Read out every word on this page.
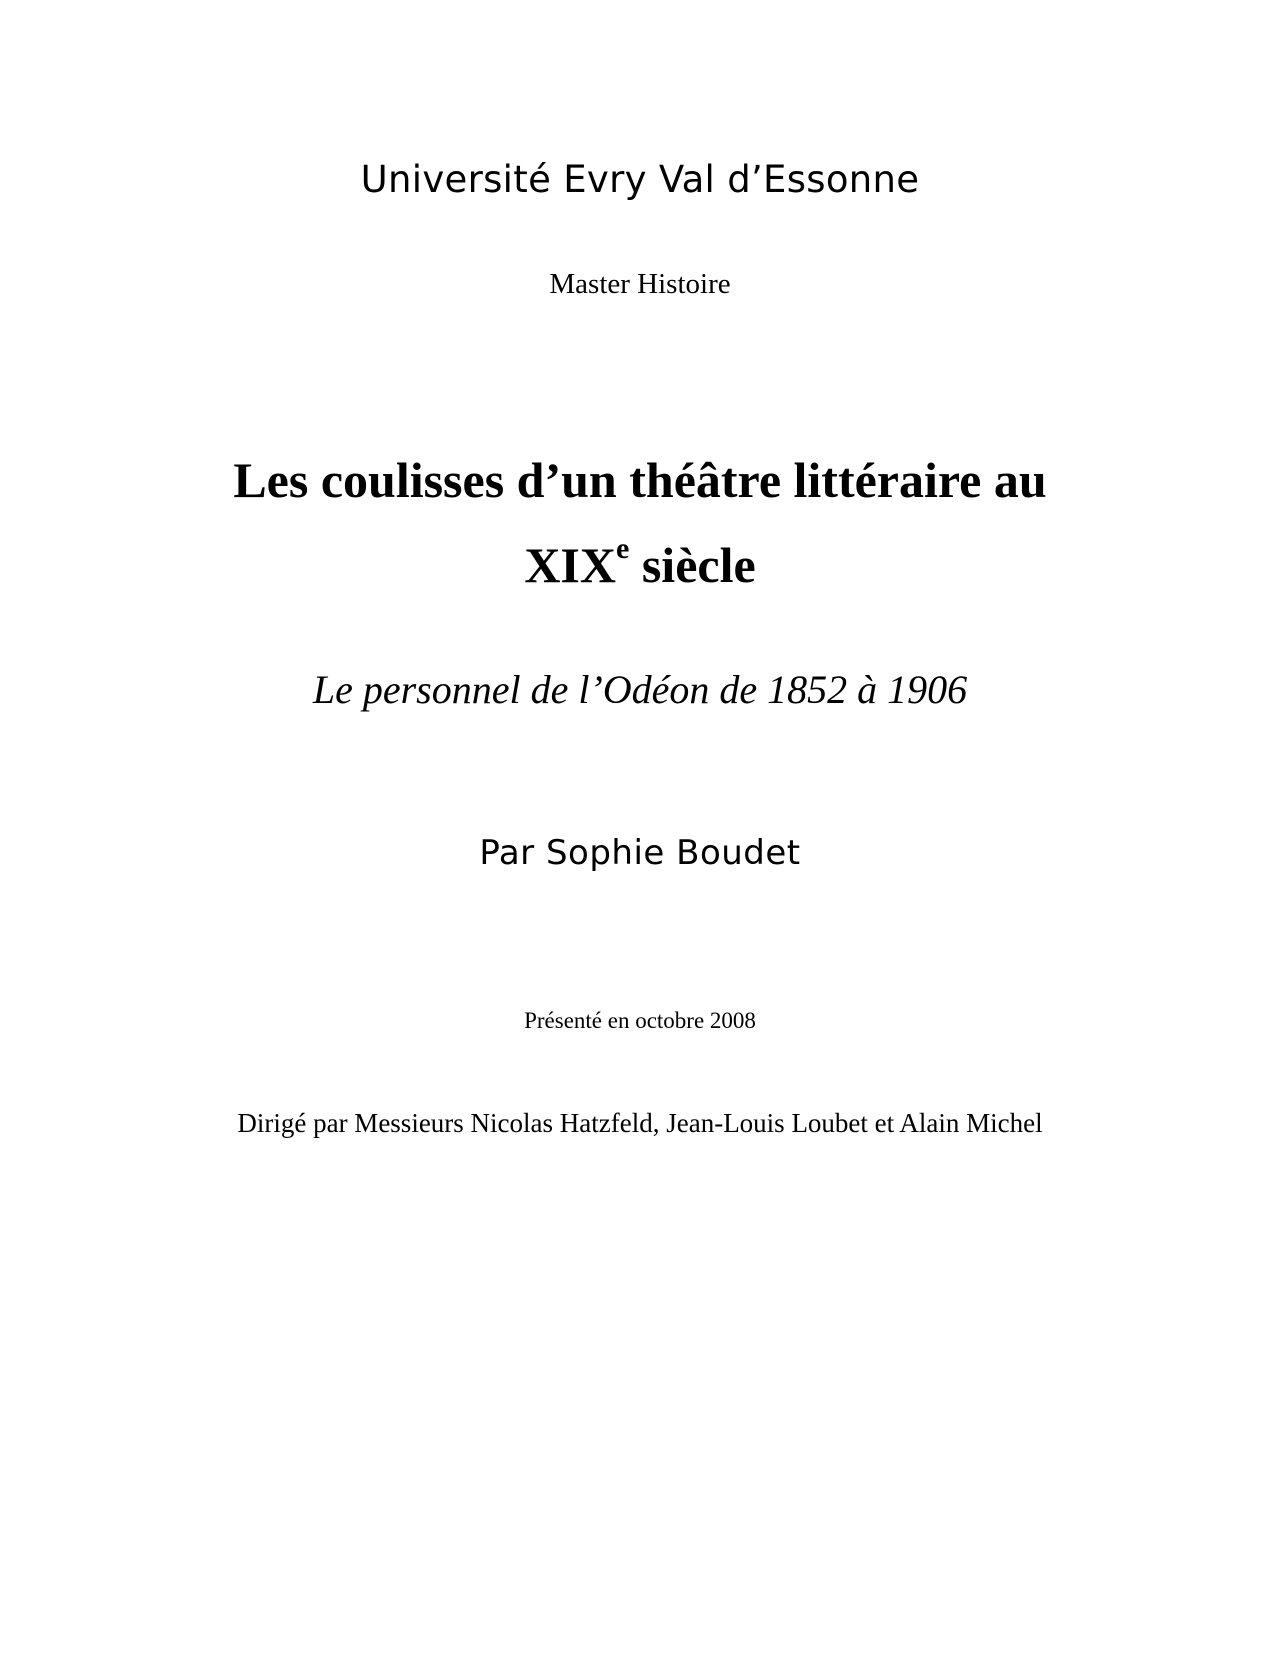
Université Evry Val d’Essonne

Master Histoire

Les coulisses d’un théâtre littéraire au
XIXe siècle

Le personnel de l’Odéon de 1852 à 1906

Par Sophie Boudet

Présenté en octobre 2008

Dirigé par Messieurs Nicolas Hatzfeld, Jean-Louis Loubet et Alain Michel
